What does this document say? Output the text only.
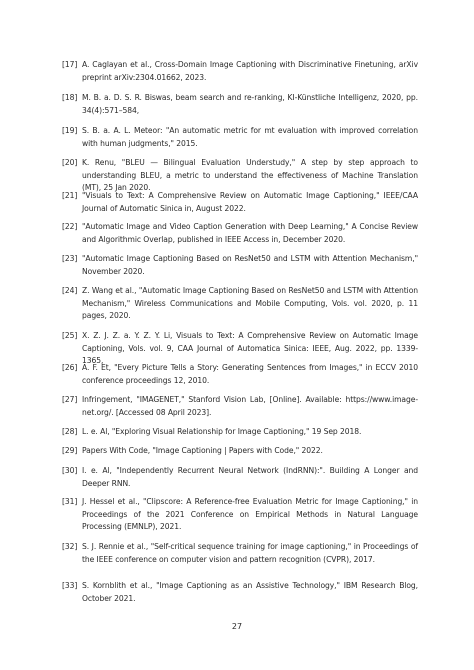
[17] A. Caglayan et al., Cross-Domain Image Captioning with Discriminative Finetuning, arXiv preprint arXiv:2304.01662, 2023.
[18] M. B. a. D. S. R. Biswas, beam search and re-ranking, KI-Künstliche Intelligenz, 2020, pp. 34(4):571–584,
[19] S. B. a. A. L. Meteor: "An automatic metric for mt evaluation with improved correlation with human judgments," 2015.
[20] K. Renu, "BLEU — Bilingual Evaluation Understudy," A step by step approach to understanding BLEU, a metric to understand the effectiveness of Machine Translation (MT), 25 Jan 2020.
[21] "Visuals to Text: A Comprehensive Review on Automatic Image Captioning," IEEE/CAA Journal of Automatic Sinica in, August 2022.
[22] "Automatic Image and Video Caption Generation with Deep Learning," A Concise Review and Algorithmic Overlap, published in IEEE Access in, December 2020.
[23] "Automatic Image Captioning Based on ResNet50 and LSTM with Attention Mechanism," November 2020.
[24] Z. Wang et al., "Automatic Image Captioning Based on ResNet50 and LSTM with Attention Mechanism," Wireless Communications and Mobile Computing, Vols. vol. 2020, p. 11 pages, 2020.
[25] X. Z. J. Z. a. Y. Z. Y. Li, Visuals to Text: A Comprehensive Review on Automatic Image Captioning, Vols. vol. 9, CAA Journal of Automatica Sinica: IEEE, Aug. 2022, pp. 1339-1365,
[26] A. F. Et, "Every Picture Tells a Story: Generating Sentences from Images," in ECCV 2010 conference proceedings 12, 2010.
[27] Infringement, "IMAGENET," Stanford Vision Lab, [Online]. Available: https://www.image-net.org/. [Accessed 08 April 2023].
[28] L. e. Al, "Exploring Visual Relationship for Image Captioning," 19 Sep 2018.
[29] Papers With Code, "Image Captioning | Papers with Code," 2022.
[30] I. e. Al, "Independently Recurrent Neural Network (IndRNN):". Building A Longer and Deeper RNN.
[31] J. Hessel et al., "Clipscore: A Reference-free Evaluation Metric for Image Captioning," in Proceedings of the 2021 Conference on Empirical Methods in Natural Language Processing (EMNLP), 2021.
[32] S. J. Rennie et al., "Self-critical sequence training for image captioning," in Proceedings of the IEEE conference on computer vision and pattern recognition (CVPR), 2017.
[33] S. Kornblith et al., "Image Captioning as an Assistive Technology," IBM Research Blog, October 2021.
27
